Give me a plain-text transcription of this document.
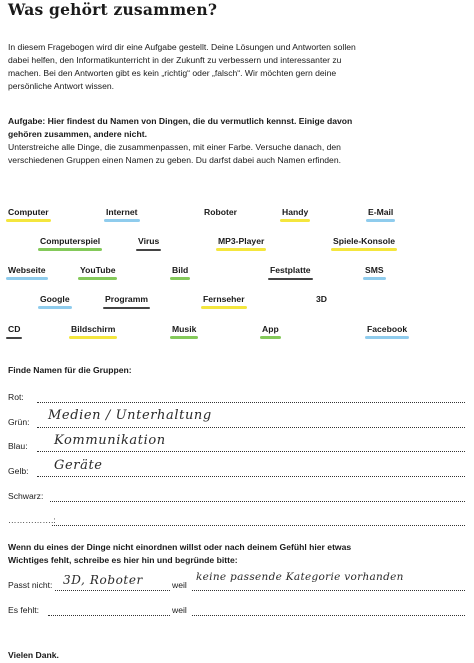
Was gehört zusammen?
In diesem Fragebogen wird dir eine Aufgabe gestellt. Deine Lösungen und Antworten sollen
dabei helfen, den Informatikunterricht in der Zukunft zu verbessern und interessanter zu
machen. Bei den Antworten gibt es kein „richtig“ oder „falsch“. Wir möchten gern deine
persönliche Antwort wissen.
Aufgabe: Hier findest du Namen von Dingen, die du vermutlich kennst. Einige davon
gehören zusammen, andere nicht.
Unterstreiche alle Dinge, die zusammenpassen, mit einer Farbe. Versuche danach, den
verschiedenen Gruppen einen Namen zu geben. Du darfst dabei auch Namen erfinden.
Computer	Internet	Roboter	Handy	E-Mail
Computerspiel	Virus	MP3-Player	Spiele-Konsole
Webseite	YouTube	Bild	Festplatte	SMS
Google	Programm	Fernseher	3D
CD	Bildschirm	Musik	App	Facebook
Finde Namen für die Gruppen:
Rot:
Grün: Medien / Unterhaltung
Blau: Kommunikation
Gelb: Geräte
Schwarz:
…………….:
Wenn du eines der Dinge nicht einordnen willst oder nach deinem Gefühl hier etwas
Wichtiges fehlt, schreibe es hier hin und begründe bitte:
Passt nicht: 3D, Roboter	weil
keine passende Kategorie vorhanden
Es fehlt:	weil
Vielen Dank.
